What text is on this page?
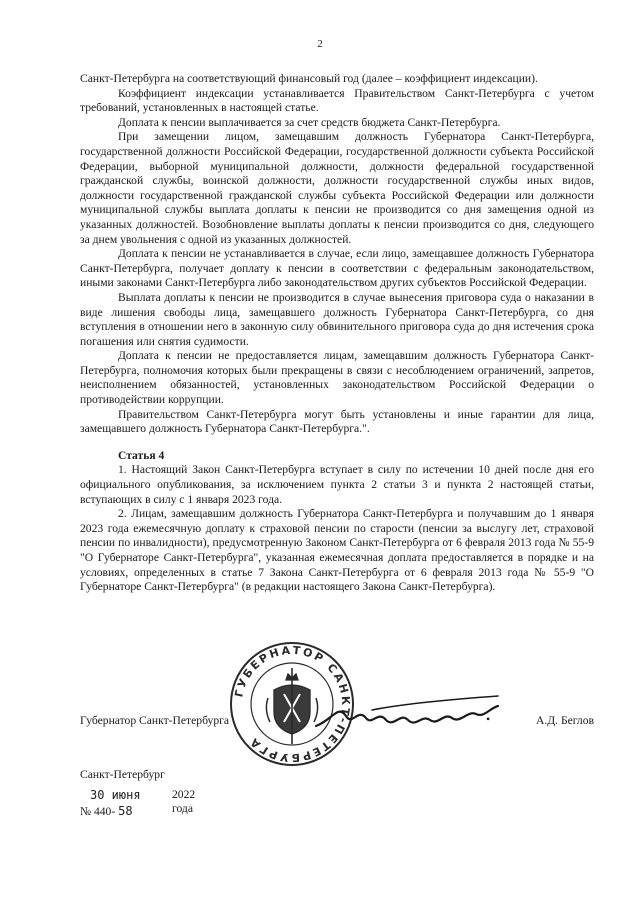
2

Санкт-Петербурга на соответствующий финансовый год (далее – коэффициент индексации).

Коэффициент индексации устанавливается Правительством Санкт-Петербурга с учетом требований, установленных в настоящей статье.

Доплата к пенсии выплачивается за счет средств бюджета Санкт-Петербурга.

При замещении лицом, замещавшим должность Губернатора Санкт-Петербурга, государственной должности Российской Федерации, государственной должности субъекта Российской Федерации, выборной муниципальной должности, должности федеральной государственной гражданской службы, воинской должности, должности государственной службы иных видов, должности государственной гражданской службы субъекта Российской Федерации или должности муниципальной службы выплата доплаты к пенсии не производится со дня замещения одной из указанных должностей. Возобновление выплаты доплаты к пенсии производится со дня, следующего за днем увольнения с одной из указанных должностей.

Доплата к пенсии не устанавливается в случае, если лицо, замещавшее должность Губернатора Санкт-Петербурга, получает доплату к пенсии в соответствии с федеральным законодательством, иными законами Санкт-Петербурга либо законодательством других субъектов Российской Федерации.

Выплата доплаты к пенсии не производится в случае вынесения приговора суда о наказании в виде лишения свободы лица, замещавшего должность Губернатора Санкт-Петербурга, со дня вступления в отношении него в законную силу обвинительного приговора суда до дня истечения срока погашения или снятия судимости.

Доплата к пенсии не предоставляется лицам, замещавшим должность Губернатора Санкт-Петербурга, полномочия которых были прекращены в связи с несоблюдением ограничений, запретов, неисполнением обязанностей, установленных законодательством Российской Федерации о противодействии коррупции.

Правительством Санкт-Петербурга могут быть установлены и иные гарантии для лица, замещавшего должность Губернатора Санкт-Петербурга.".

Статья 4

1. Настоящий Закон Санкт-Петербурга вступает в силу по истечении 10 дней после дня его официального опубликования, за исключением пункта 2 статьи 3 и пункта 2 настоящей статьи, вступающих в силу с 1 января 2023 года.

2. Лицам, замещавшим должность Губернатора Санкт-Петербурга и получавшим до 1 января 2023 года ежемесячную доплату к страховой пенсии по старости (пенсии за выслугу лет, страховой пенсии по инвалидности), предусмотренную Законом Санкт-Петербурга от 6 февраля 2013 года № 55-9 "О Губернаторе Санкт-Петербурга", указанная ежемесячная доплата предоставляется в порядке и на условиях, определенных в статье 7 Закона Санкт-Петербурга от 6 февраля 2013 года № 55-9 "О Губернаторе Санкт-Петербурга" (в редакции настоящего Закона Санкт-Петербурга).

Губернатор Санкт-Петербурга	А.Д. Беглов
ГУБЕРНАТОР САНКТ-ПЕТЕРБУРГА
•
Санкт-Петербург
30 июня	2022 года
№ 440- 58
